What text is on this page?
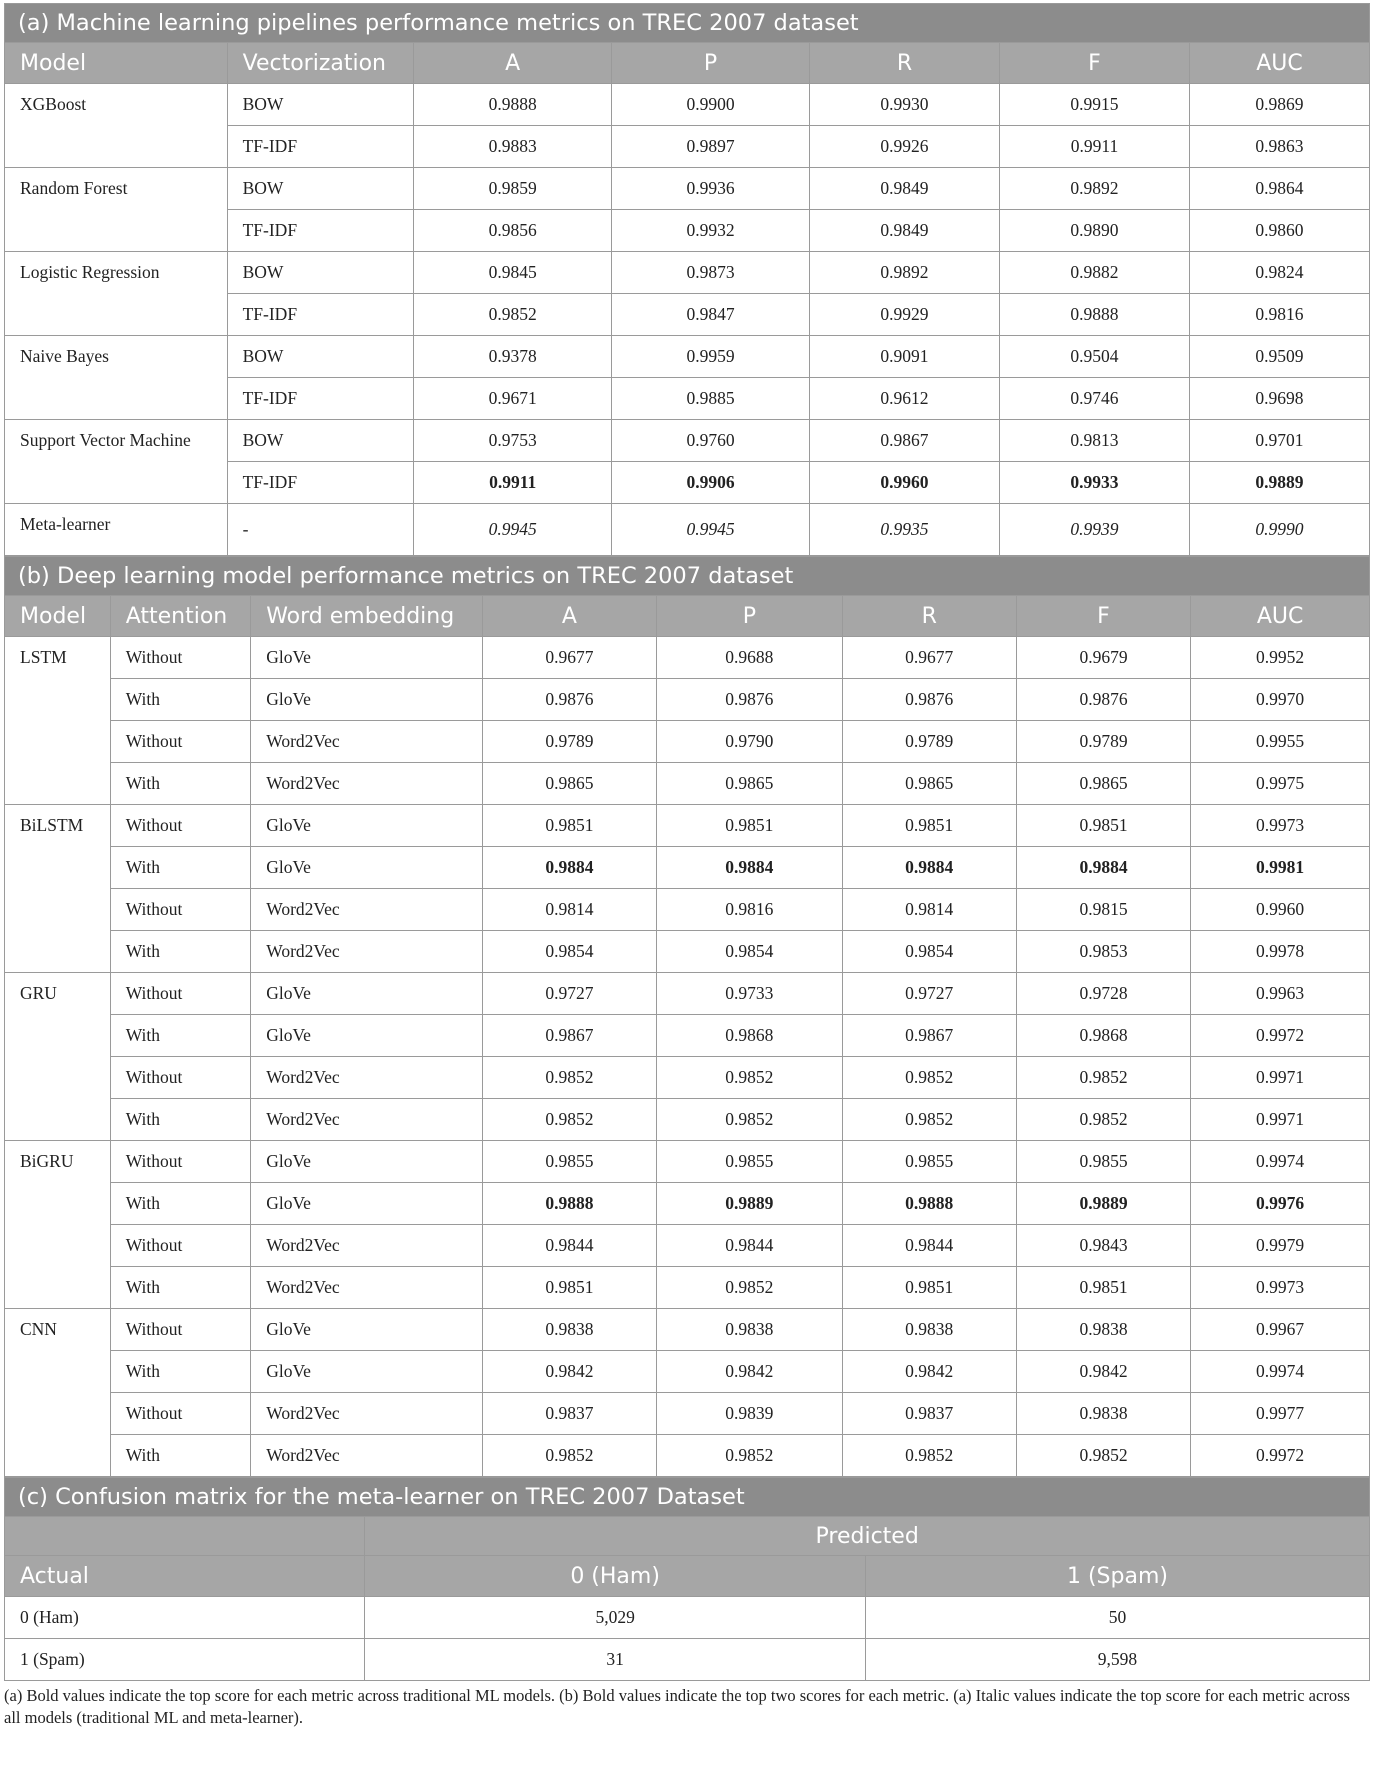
(a) Machine learning pipelines performance metrics on TREC 2007 dataset						
Model	Vectorization	A	P	R	F	AUC
XGBoost	BOW	0.9888	0.9900	0.9930	0.9915	0.9869
	TF-IDF	0.9883	0.9897	0.9926	0.9911	0.9863
Random Forest	BOW	0.9859	0.9936	0.9849	0.9892	0.9864
	TF-IDF	0.9856	0.9932	0.9849	0.9890	0.9860
Logistic Regression	BOW	0.9845	0.9873	0.9892	0.9882	0.9824
	TF-IDF	0.9852	0.9847	0.9929	0.9888	0.9816
Naive Bayes	BOW	0.9378	0.9959	0.9091	0.9504	0.9509
	TF-IDF	0.9671	0.9885	0.9612	0.9746	0.9698
Support Vector Machine	BOW	0.9753	0.9760	0.9867	0.9813	0.9701
	TF-IDF	0.9911	0.9906	0.9960	0.9933	0.9889
Meta-learner	-	0.9945	0.9945	0.9935	0.9939	0.9990
(b) Deep learning model performance metrics on TREC 2007 dataset							
Model	Attention	Word embedding	A	P	R	F	AUC
LSTM	Without	GloVe	0.9677	0.9688	0.9677	0.9679	0.9952
	With	GloVe	0.9876	0.9876	0.9876	0.9876	0.9970
	Without	Word2Vec	0.9789	0.9790	0.9789	0.9789	0.9955
	With	Word2Vec	0.9865	0.9865	0.9865	0.9865	0.9975
BiLSTM	Without	GloVe	0.9851	0.9851	0.9851	0.9851	0.9973
	With	GloVe	0.9884	0.9884	0.9884	0.9884	0.9981
	Without	Word2Vec	0.9814	0.9816	0.9814	0.9815	0.9960
	With	Word2Vec	0.9854	0.9854	0.9854	0.9853	0.9978
GRU	Without	GloVe	0.9727	0.9733	0.9727	0.9728	0.9963
	With	GloVe	0.9867	0.9868	0.9867	0.9868	0.9972
	Without	Word2Vec	0.9852	0.9852	0.9852	0.9852	0.9971
	With	Word2Vec	0.9852	0.9852	0.9852	0.9852	0.9971
BiGRU	Without	GloVe	0.9855	0.9855	0.9855	0.9855	0.9974
	With	GloVe	0.9888	0.9889	0.9888	0.9889	0.9976
	Without	Word2Vec	0.9844	0.9844	0.9844	0.9843	0.9979
	With	Word2Vec	0.9851	0.9852	0.9851	0.9851	0.9973
CNN	Without	GloVe	0.9838	0.9838	0.9838	0.9838	0.9967
	With	GloVe	0.9842	0.9842	0.9842	0.9842	0.9974
	Without	Word2Vec	0.9837	0.9839	0.9837	0.9838	0.9977
	With	Word2Vec	0.9852	0.9852	0.9852	0.9852	0.9972
(c) Confusion matrix for the meta-learner on TREC 2007 Dataset		
	Predicted	
Actual	0 (Ham)	1 (Spam)
0 (Ham)	5,029	50
1 (Spam)	31	9,598

(a) Bold values indicate the top score for each metric across traditional ML models. (b) Bold values indicate the top two scores for each metric. (a) Italic values indicate the top score for each metric across all models (traditional ML and meta-learner).
